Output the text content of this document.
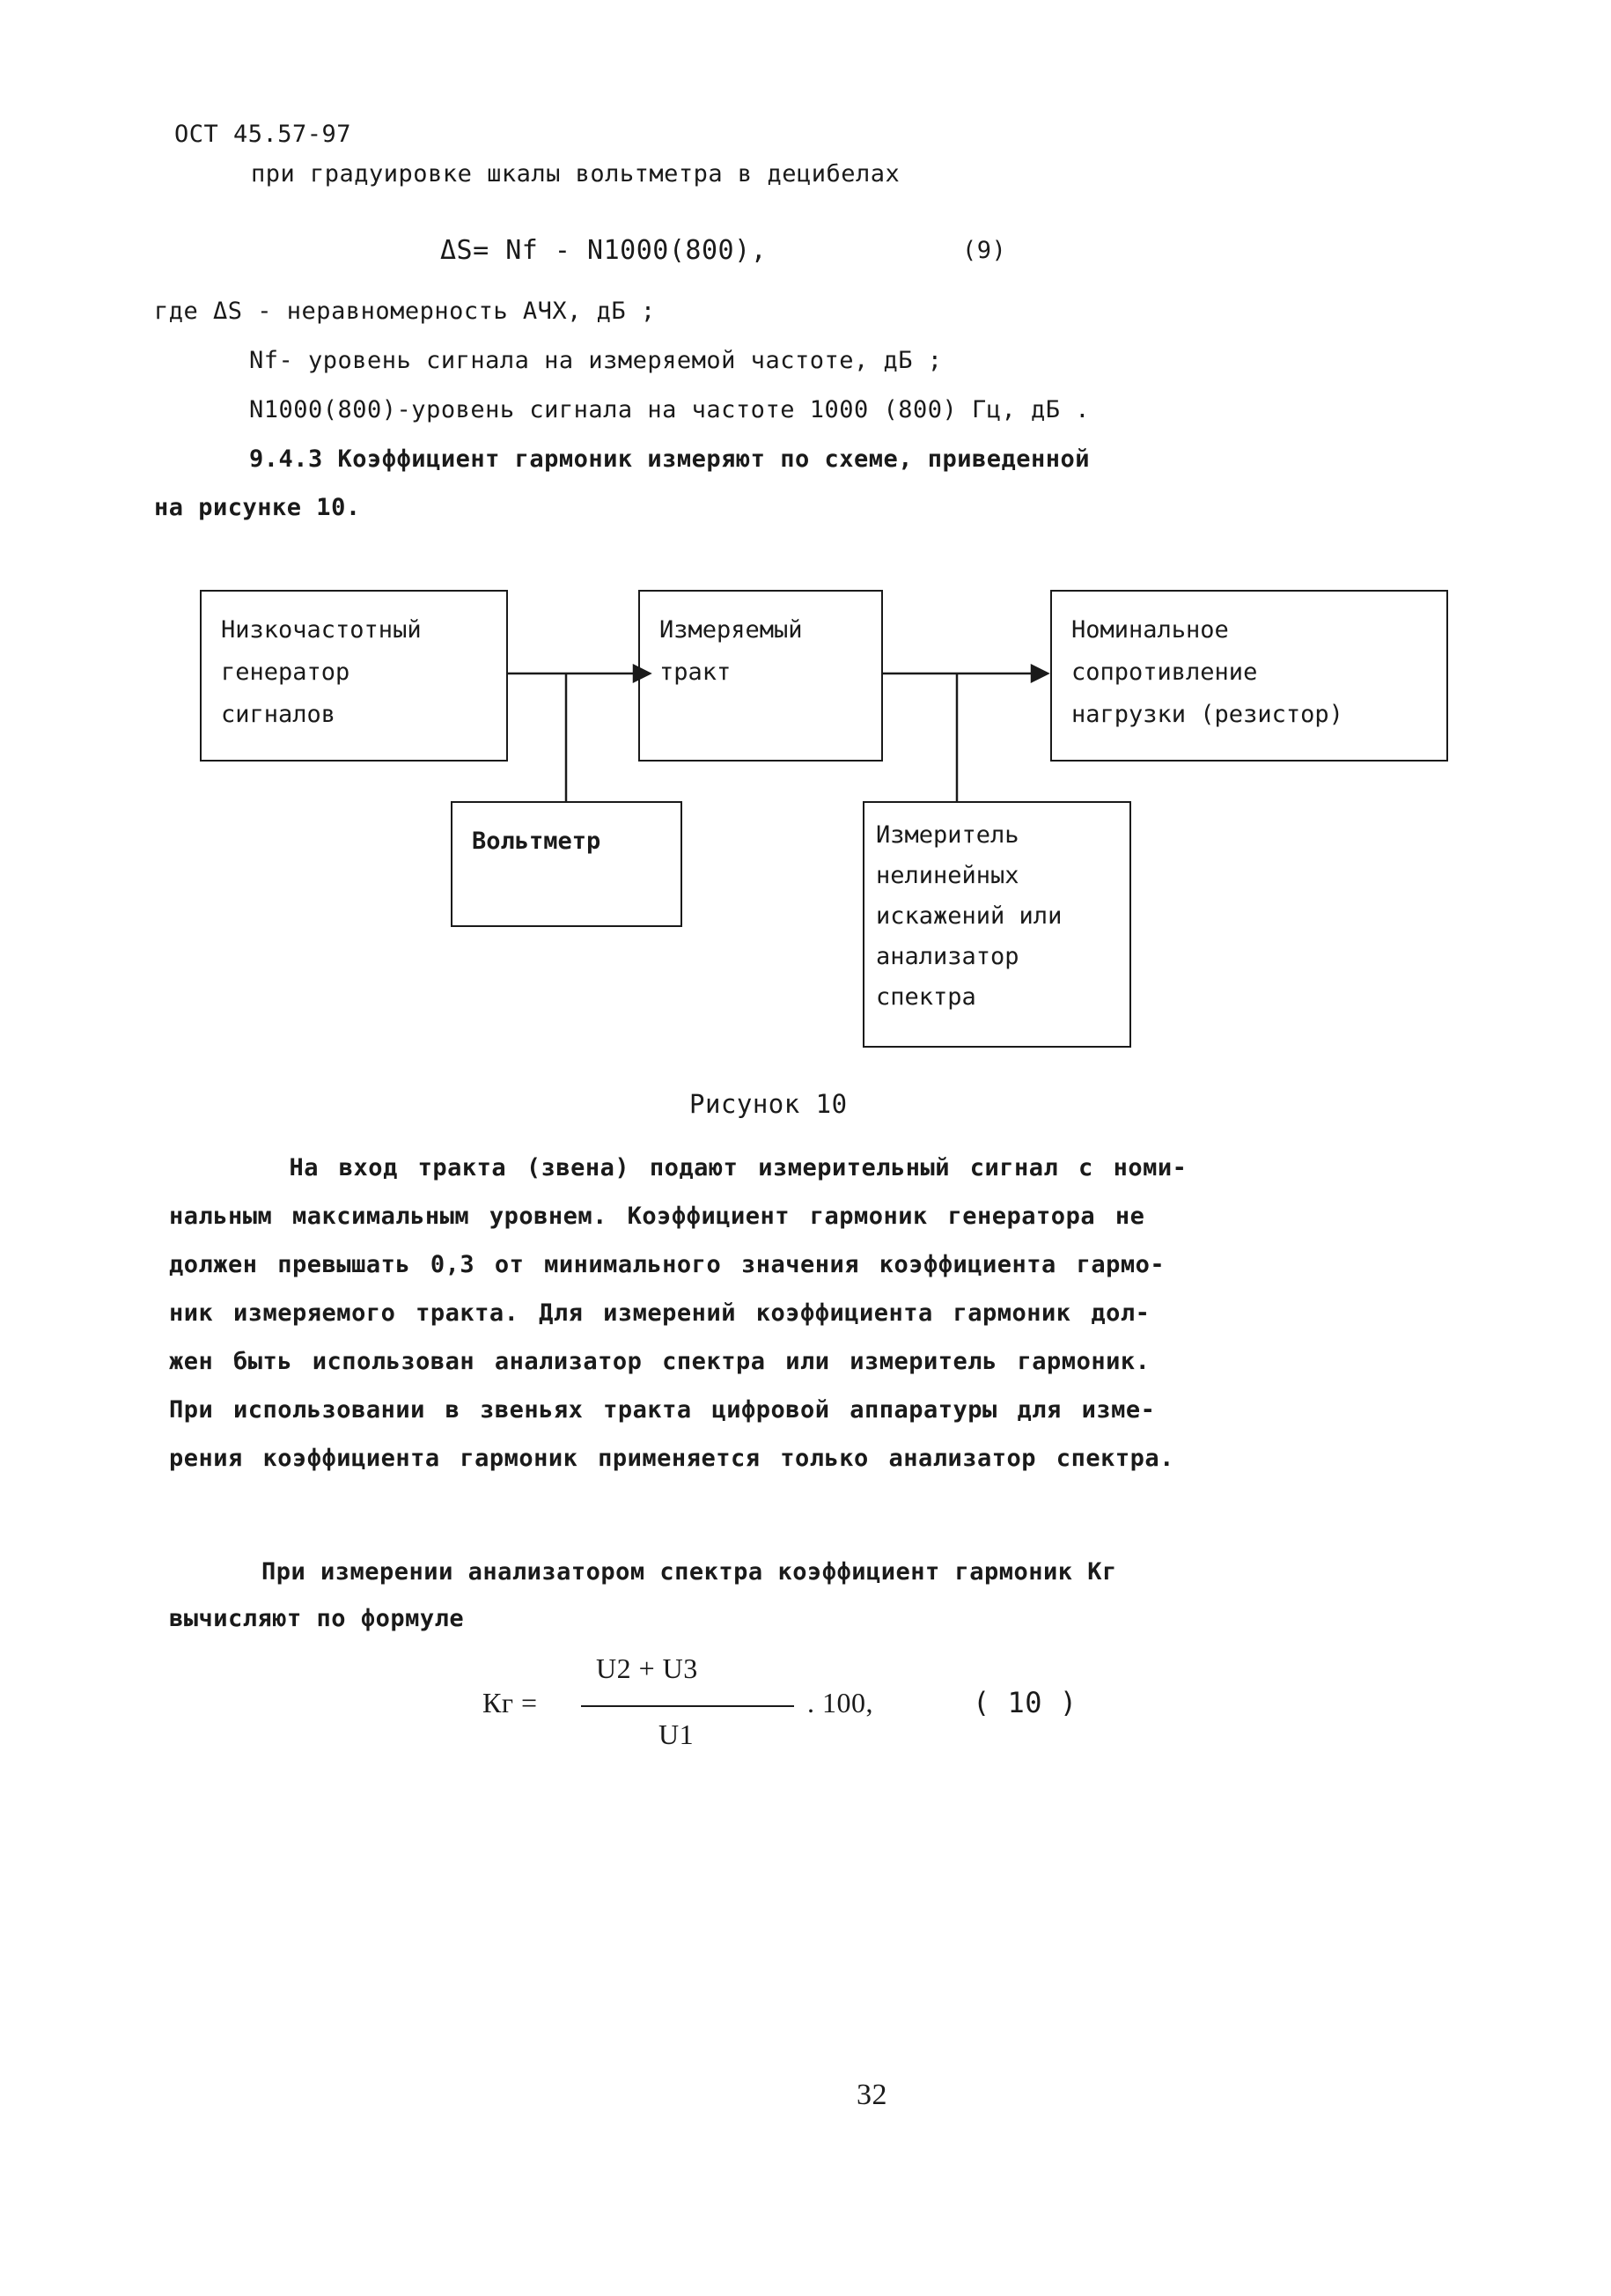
ОСТ 45.57-97
при градуировке шкалы вольтметра в децибелах
ΔS= Nf - N1000(800),	(9)
где ΔS - неравномерность АЧХ, дБ ;
Nf- уровень сигнала на измеряемой частоте, дБ ;
N1000(800)-уровень сигнала на частоте 1000 (800) Гц, дБ .
9.4.3 Коэффициент гармоник измеряют по схеме, приведенной
на рисунке 10.
Низкочастотный
генератор
сигналов
Измеряемый
тракт
Номинальное
сопротивление
нагрузки (резистор)
Вольтметр	Измеритель
нелинейных
искажений или
анализатор
спектра
Рисунок 10
На вход тракта (звена) подают измерительный сигнал с номи-
нальным максимальным уровнем. Коэффициент гармоник генератора не
должен превышать 0,3 от минимального значения коэффициента гармо-
ник измеряемого тракта. Для измерений коэффициента гармоник дол-
жен быть использован анализатор спектра или измеритель гармоник.
При использовании в звеньях тракта цифровой аппаратуры для изме-
рения коэффициента гармоник применяется только анализатор спектра.
При измерении анализатором спектра коэффициент гармоник Кг
вычисляют по формуле
U2 + U3
Кг =
U1
. 100,	( 10 )
32
